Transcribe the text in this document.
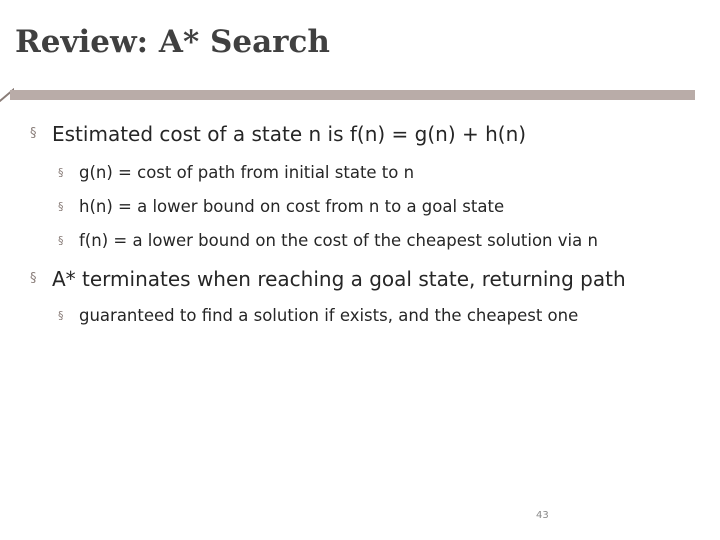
Review: A* Search
§ Estimated cost of a state n is f(n) = g(n) + h(n)
§ g(n) = cost of path from initial state to n
§ h(n) = a lower bound on cost from n to a goal state
§ f(n) = a lower bound on the cost of the cheapest solution via n
§ A* terminates when reaching a goal state, returning path
§ guaranteed to find a solution if exists, and the cheapest one
43
